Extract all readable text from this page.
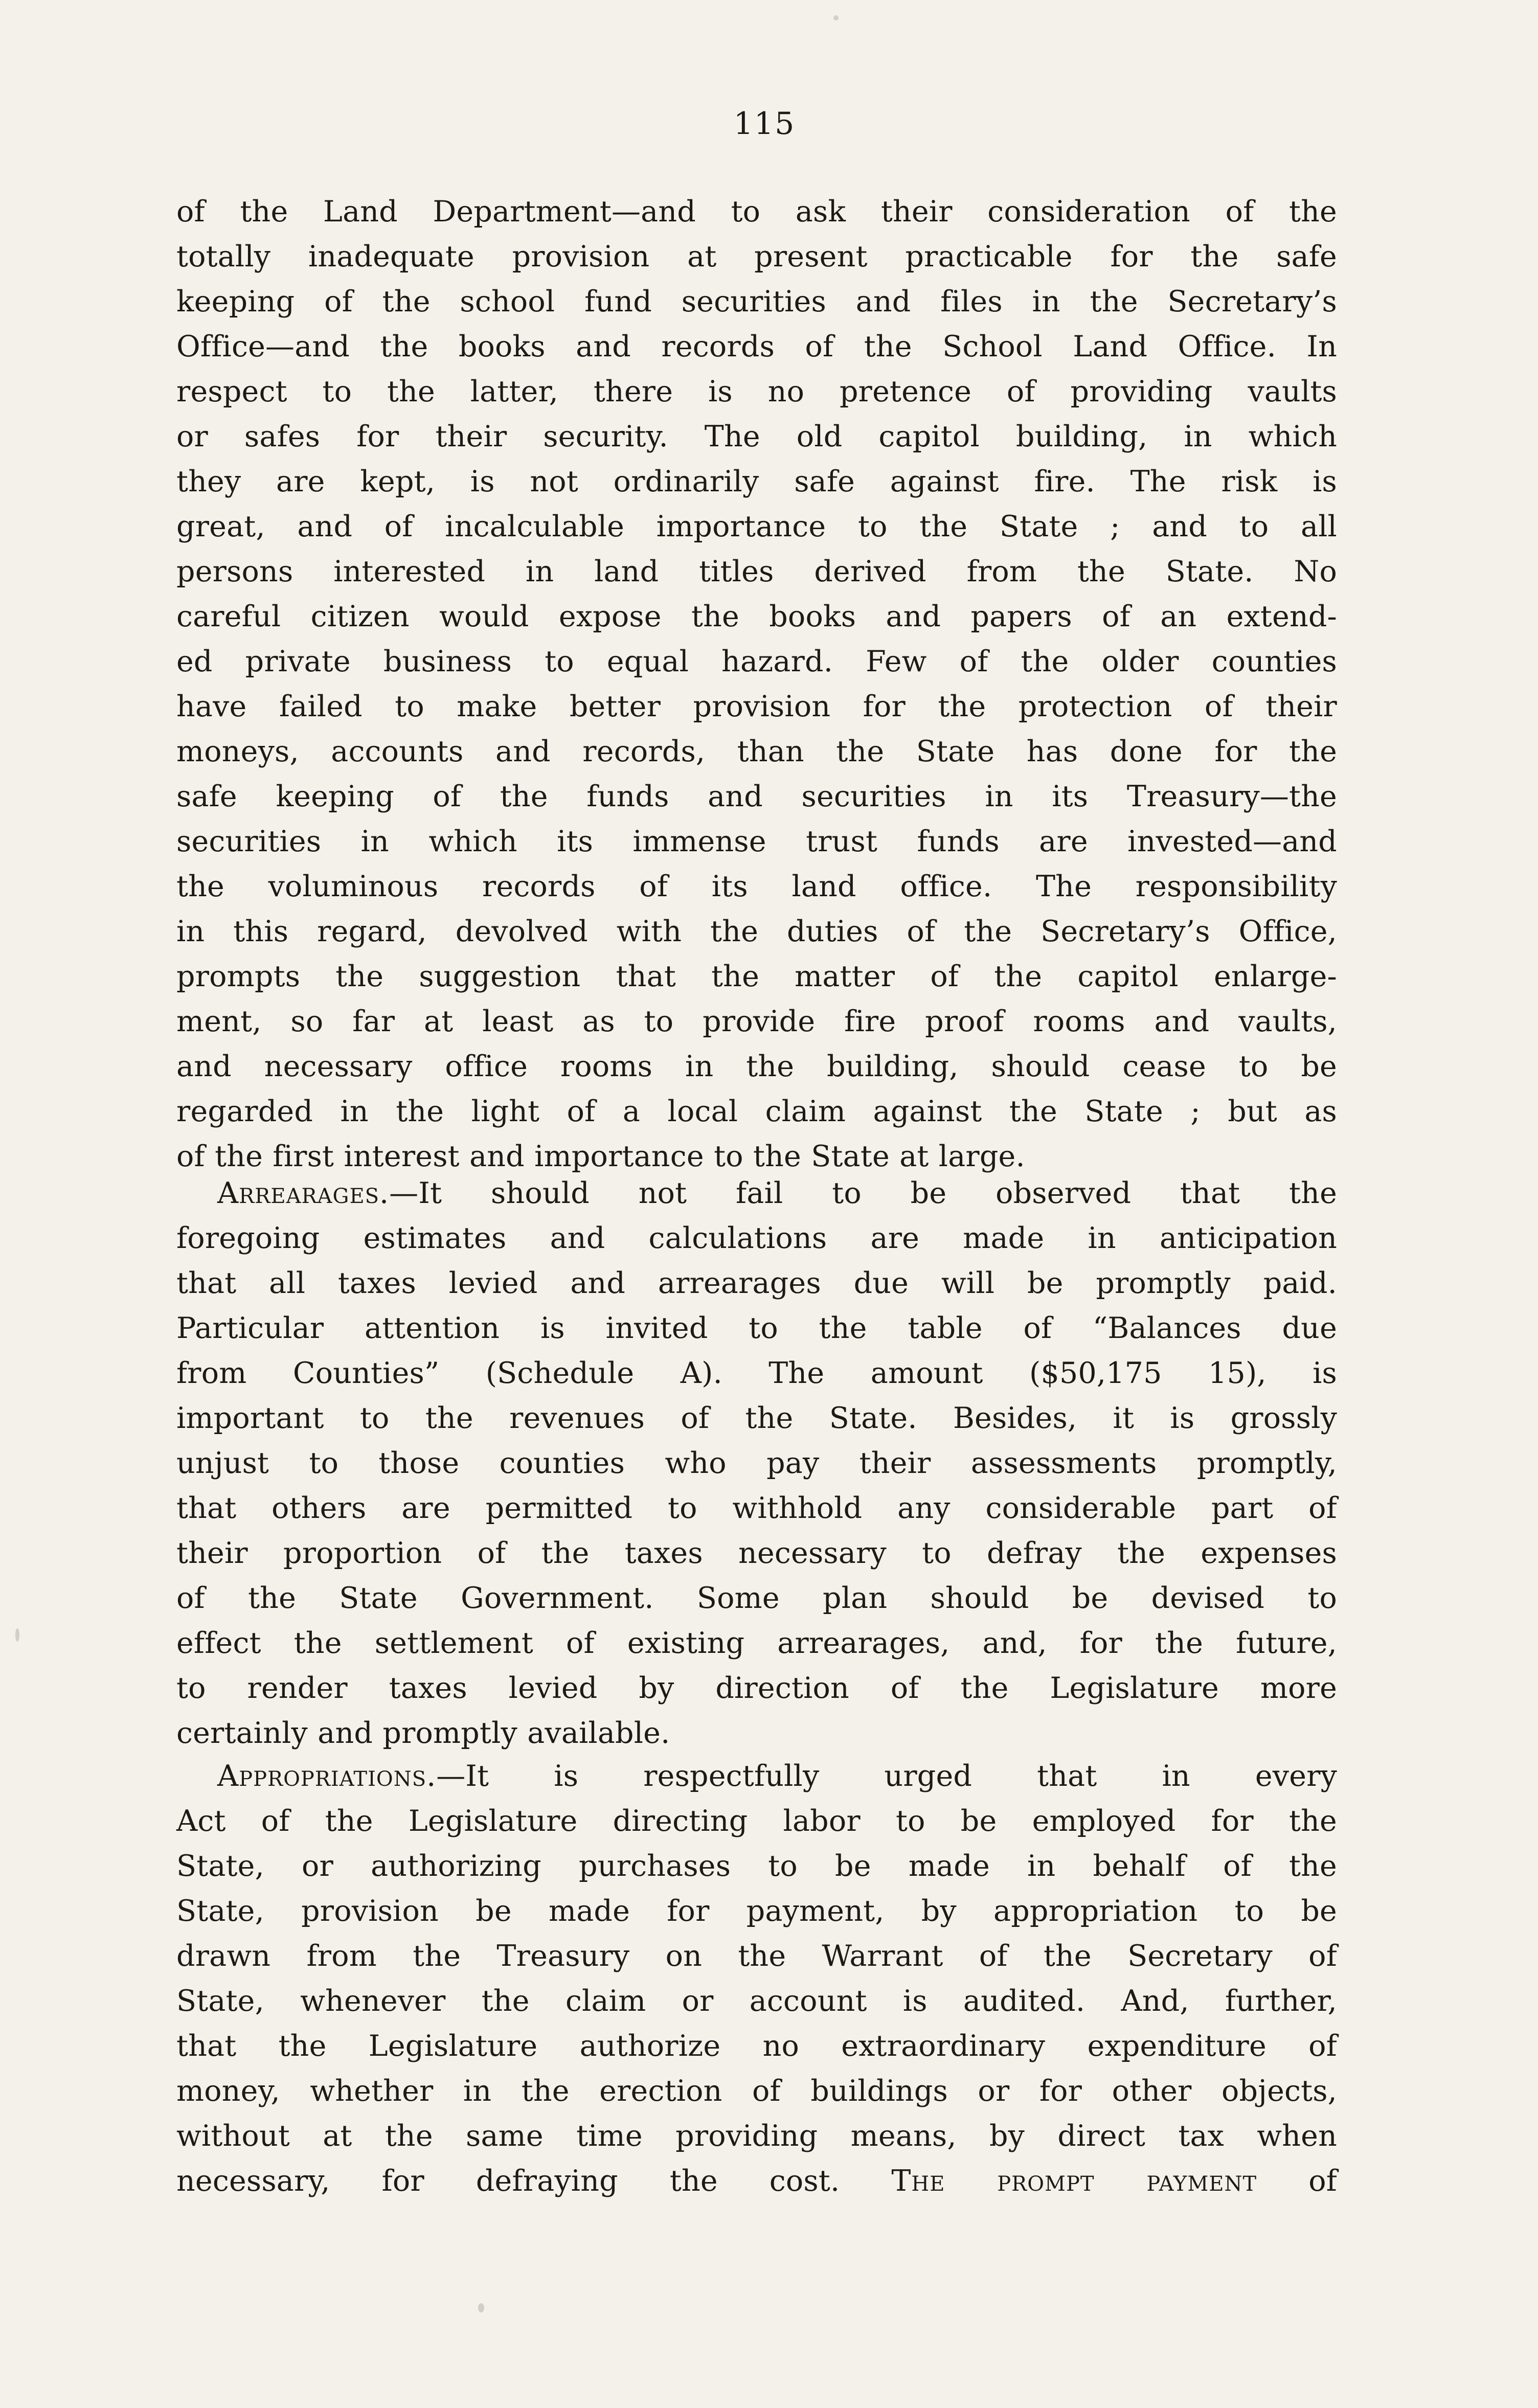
115
of the Land Department—and to ask their consideration of the
totally inadequate provision at present practicable for the safe
keeping of the school fund securities and files in the Secretary’s
Office—and the books and records of the School Land Office. In
respect to the latter, there is no pretence of providing vaults
or safes for their security. The old capitol building, in which
they are kept, is not ordinarily safe against fire. The risk is
great, and of incalculable importance to the State ; and to all
persons interested in land titles derived from the State. No
careful citizen would expose the books and papers of an extend-
ed private business to equal hazard. Few of the older counties
have failed to make better provision for the protection of their
moneys, accounts and records, than the State has done for the
safe keeping of the funds and securities in its Treasury—the
securities in which its immense trust funds are invested—and
the voluminous records of its land office. The responsibility
in this regard, devolved with the duties of the Secretary’s Office,
prompts the suggestion that the matter of the capitol enlarge-
ment, so far at least as to provide fire proof rooms and vaults,
and necessary office rooms in the building, should cease to be
regarded in the light of a local claim against the State ; but as
of the first interest and importance to the State at large.
Arrearages.—It should not fail to be observed that the
foregoing estimates and calculations are made in anticipation
that all taxes levied and arrearages due will be promptly paid.
Particular attention is invited to the table of “Balances due
from Counties” (Schedule A). The amount ($50,175 15), is
important to the revenues of the State. Besides, it is grossly
unjust to those counties who pay their assessments promptly,
that others are permitted to withhold any considerable part of
their proportion of the taxes necessary to defray the expenses
of the State Government. Some plan should be devised to
effect the settlement of existing arrearages, and, for the future,
to render taxes levied by direction of the Legislature more
certainly and promptly available.
Appropriations.—It is respectfully urged that in every
Act of the Legislature directing labor to be employed for the
State, or authorizing purchases to be made in behalf of the
State, provision be made for payment, by appropriation to be
drawn from the Treasury on the Warrant of the Secretary of
State, whenever the claim or account is audited. And, further,
that the Legislature authorize no extraordinary expenditure of
money, whether in the erection of buildings or for other objects,
without at the same time providing means, by direct tax when
necessary, for defraying the cost. The prompt payment of
